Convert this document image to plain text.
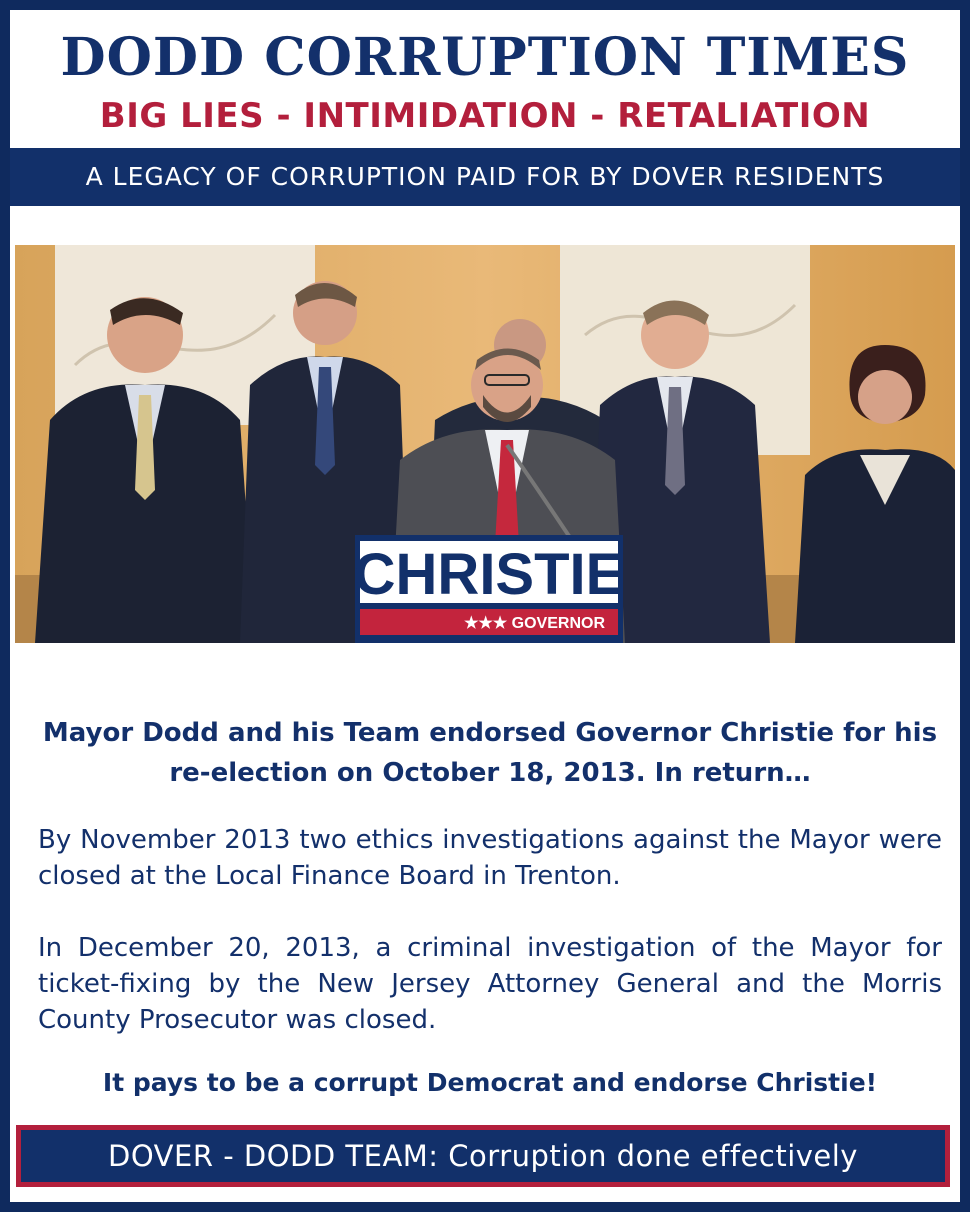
DODD CORRUPTION TIMES
BIG LIES - INTIMIDATION - RETALIATION
A LEGACY OF CORRUPTION PAID FOR BY DOVER RESIDENTS
CHRISTIE
★★★ GOVERNOR
Mayor Dodd and his Team endorsed Governor Christie for his re-election on October 18, 2013. In return…
By November 2013 two ethics investigations against the Mayor were closed at the Local Finance Board in Trenton.
In December 20, 2013, a criminal investigation of the Mayor for ticket-fixing by the New Jersey Attorney General and the Morris County Prosecutor was closed.
It pays to be a corrupt Democrat and endorse Christie!
DOVER - DODD TEAM: Corruption done effectively
